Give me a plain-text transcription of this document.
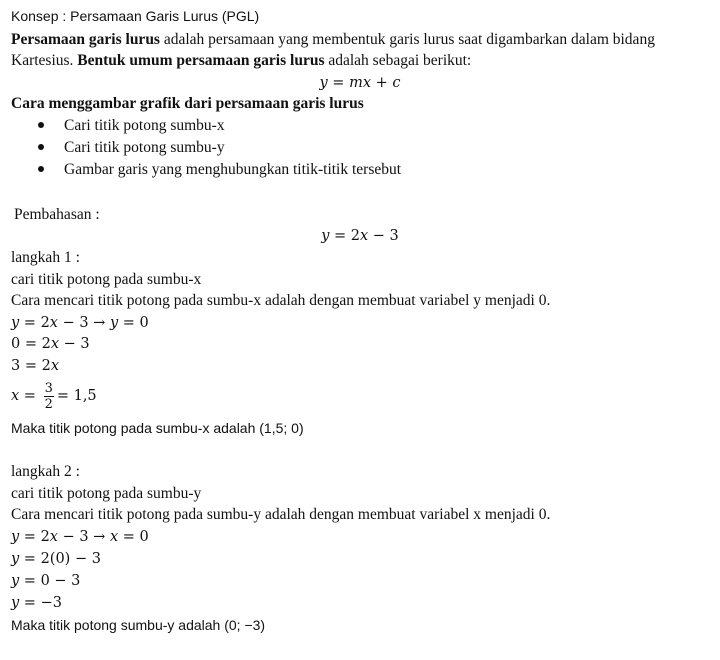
Konsep : Persamaan Garis Lurus (PGL)
Persamaan garis lurus adalah persamaan yang membentuk garis lurus saat digambarkan dalam bidang
Kartesius. Bentuk umum persamaan garis lurus adalah sebagai berikut:
y = mx + c
Cara menggambar grafik dari persamaan garis lurus
Cari titik potong sumbu-x
Cari titik potong sumbu-y
Gambar garis yang menghubungkan titik-titik tersebut
Pembahasan :
y = 2x − 3
langkah 1 :
cari titik potong pada sumbu-x
Cara mencari titik potong pada sumbu-x adalah dengan membuat variabel y menjadi 0.
y = 2x − 3 → y = 0
0 = 2x − 3
3 = 2x
$x = \frac{3}{2} = 1,5$
Maka titik potong pada sumbu-x adalah (1,5; 0)
langkah 2 :
cari titik potong pada sumbu-y
Cara mencari titik potong pada sumbu-y adalah dengan membuat variabel x menjadi 0.
y = 2x − 3 → x = 0
y = 2(0) − 3
y = 0 − 3
y = −3
Maka titik potong sumbu-y adalah (0; −3)
